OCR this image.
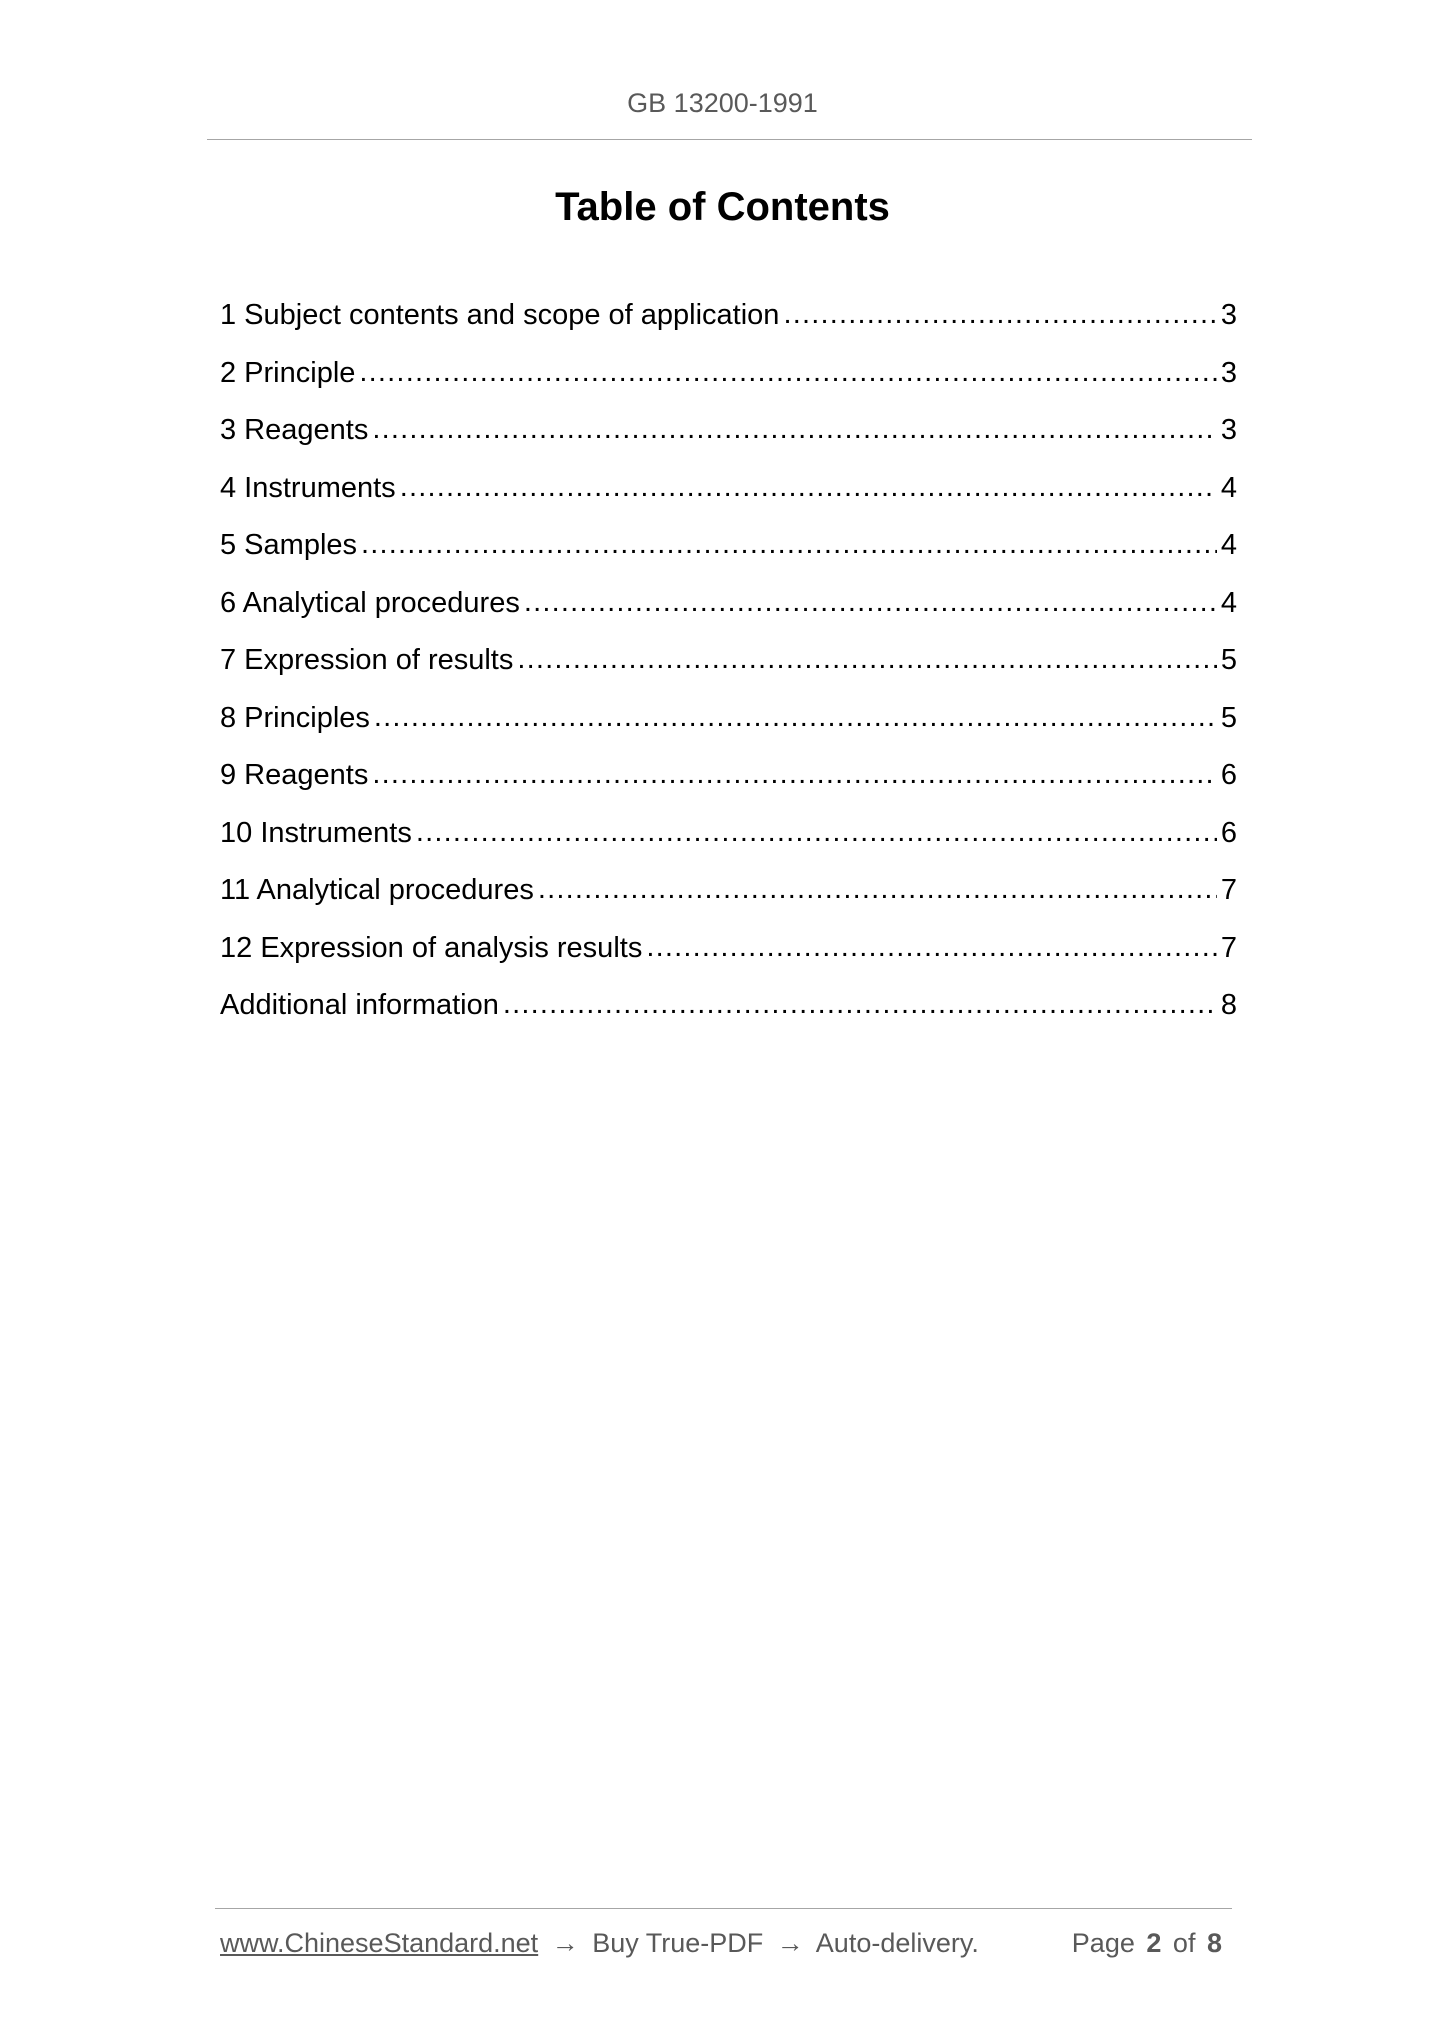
GB 13200-1991
Table of Contents
1 Subject contents and scope of application .....	3
2 Principle .....	3
3 Reagents .....	3
4 Instruments .....	4
5 Samples .....	4
6 Analytical procedures .....	4
7 Expression of results .....	5
8 Principles .....	5
9 Reagents .....	6
10 Instruments .....	6
11 Analytical procedures .....	7
12 Expression of analysis results .....	7
Additional information .....	8
www.ChineseStandard.net → Buy True-PDF → Auto-delivery.	Page 2 of 8
